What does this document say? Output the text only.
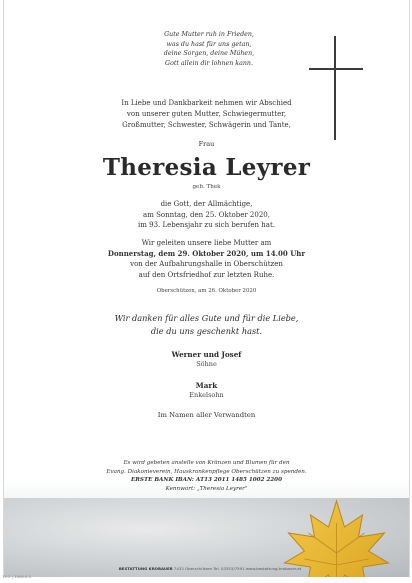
Gute Mutter ruh in Frieden,
was du hast für uns getan,
deine Sorgen, deine Mühen,
Gott allein dir lohnen kann.
In Liebe und Dankbarkeit nehmen wir Abschied
von unserer guten Mutter, Schwiegermutter,
Großmutter, Schwester, Schwägerin und Tante,
Frau
Theresia Leyrer
geb. Thek
die Gott, der Allmächtige,
am Sonntag, den 25. Oktober 2020,
im 93. Lebensjahr zu sich berufen hat.
Wir geleiten unsere liebe Mutter am
Donnerstag, dem 29. Oktober 2020, um 14.00 Uhr
von der Aufbahrungshalle in Oberschützen
auf den Ortsfriedhof zur letzten Ruhe.
Oberschützen, am 26. Oktober 2020
Wir danken für alles Gute und für die Liebe,
die du uns geschenkt hast.
Werner und Josef
Söhne
Mark
Enkelsohn
Im Namen aller Verwandten
Es wird gebeten anstelle von Kränzen und Blumen für den
Evang. Diakonieverein, Hauskrankenpflege Oberschützen zu spenden.
ERSTE BANK IBAN: AT13 2011 1485 1002 2200
Kennwort: „Theresia Leyrer"
BESTATTUNG KROBAUER 7432 Oberschützen Tel. 03353/7591 www.bestattung-krobauer.at
12.2 | 1008.4.2
